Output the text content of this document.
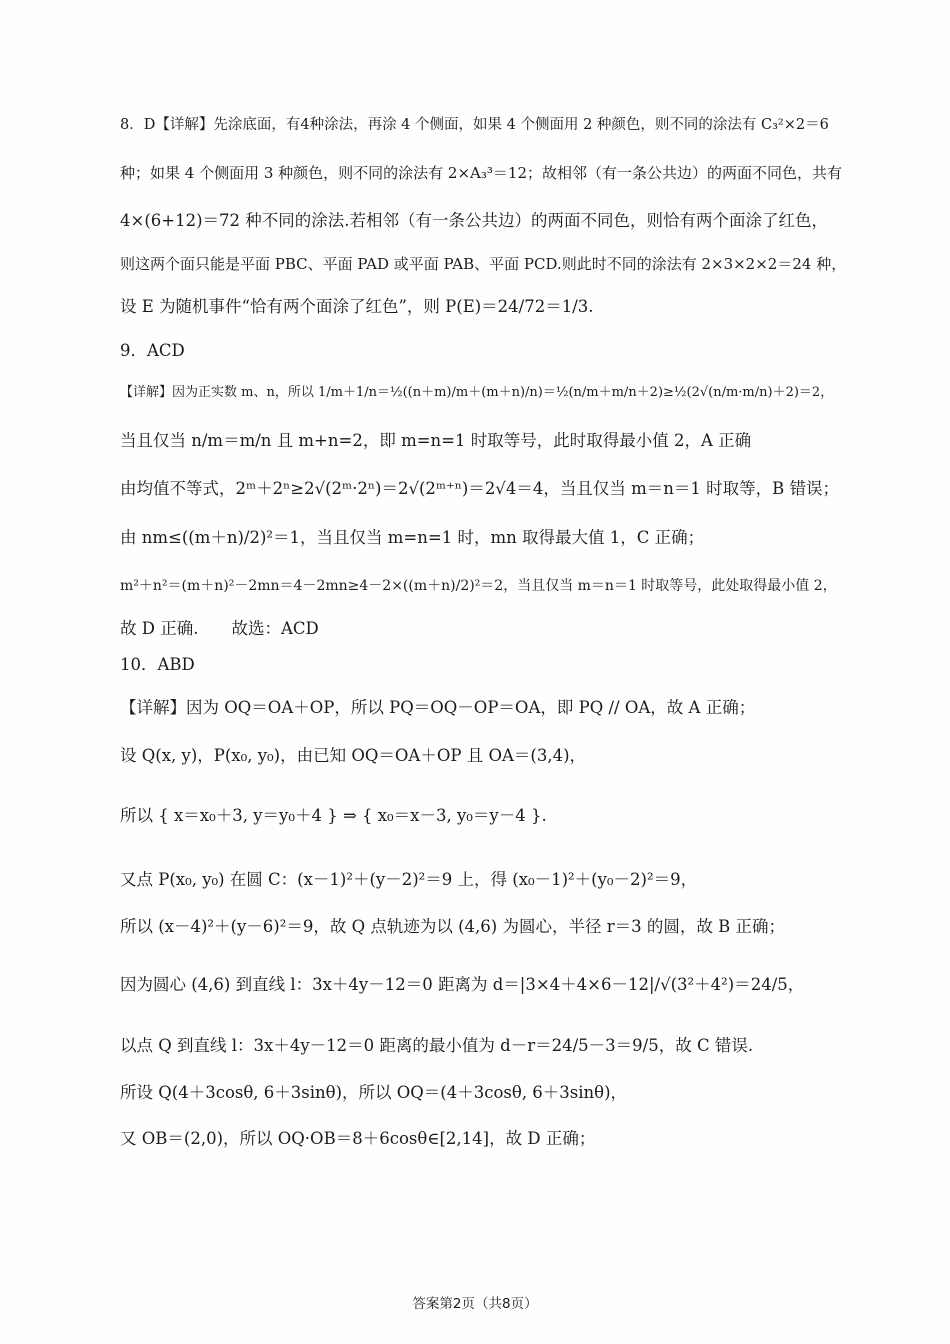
8．D【详解】先涂底面，有4种涂法，再涂 4 个侧面，如果 4 个侧面用 2 种颜色，则不同的涂法有 C₃²×2＝6
种；如果 4 个侧面用 3 种颜色，则不同的涂法有 2×A₃³＝12；故相邻（有一条公共边）的两面不同色，共有
4×(6+12)＝72 种不同的涂法.若相邻（有一条公共边）的两面不同色，则恰有两个面涂了红色，
则这两个面只能是平面 PBC、平面 PAD 或平面 PAB、平面 PCD.则此时不同的涂法有 2×3×2×2＝24 种，
设 E 为随机事件“恰有两个面涂了红色”，则 P(E)＝24/72＝1/3.
9．ACD
【详解】因为正实数 m、n，所以 1/m＋1/n＝½((n＋m)/m＋(m＋n)/n)＝½(n/m＋m/n＋2)≥½(2√(n/m·m/n)＋2)＝2，
当且仅当 n/m＝m/n 且 m+n=2，即 m=n=1 时取等号，此时取得最小值 2，A 正确
由均值不等式，2ᵐ＋2ⁿ≥2√(2ᵐ·2ⁿ)＝2√(2ᵐ⁺ⁿ)＝2√4＝4，当且仅当 m＝n＝1 时取等，B 错误；
由 nm≤((m＋n)/2)²＝1，当且仅当 m=n=1 时，mn 取得最大值 1，C 正确；
m²＋n²＝(m＋n)²－2mn＝4－2mn≥4－2×((m＋n)/2)²＝2，当且仅当 m＝n＝1 时取等号，此处取得最小值 2，
故 D 正确.　　故选：ACD
10．ABD
【详解】因为 OQ＝OA＋OP，所以 PQ＝OQ－OP＝OA，即 PQ // OA，故 A 正确；
设 Q(x, y)，P(x₀, y₀)，由已知 OQ＝OA＋OP 且 OA＝(3,4)，
所以 { x＝x₀＋3, y＝y₀＋4 } ⇒ { x₀＝x－3, y₀＝y－4 }.
又点 P(x₀, y₀) 在圆 C：(x－1)²＋(y－2)²＝9 上，得 (x₀－1)²＋(y₀－2)²＝9，
所以 (x－4)²＋(y－6)²＝9，故 Q 点轨迹为以 (4,6) 为圆心，半径 r＝3 的圆，故 B 正确；
因为圆心 (4,6) 到直线 l：3x＋4y－12＝0 距离为 d＝|3×4＋4×6－12|/√(3²＋4²)＝24/5，
以点 Q 到直线 l：3x＋4y－12＝0 距离的最小值为 d－r＝24/5－3＝9/5，故 C 错误.
所设 Q(4＋3cosθ, 6＋3sinθ)，所以 OQ＝(4＋3cosθ, 6＋3sinθ)，
又 OB＝(2,0)，所以 OQ·OB＝8＋6cosθ∈[2,14]，故 D 正确；
答案第2页（共8页）
